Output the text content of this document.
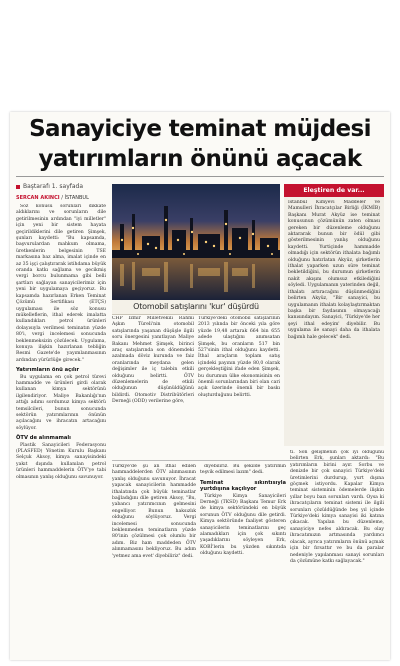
Sanayiciye teminat müjdesi
yatırımların önünü açacak
Baştarafı 1. sayfada
SERCAN AKINCI / İSTANBUL

Söz konusu sorunları dikkate aldıklarını ve sorunların dile getirilmesinin ardından "iyi milletler" için yeni bir sistem hayata geçirildiklerini dile getiren Şimşek, şunları kaydetti: "Bu kapsamda, başvurulardan mahkum olmama, üretkenlerin belgesinin TSE markasına baz alma, imalat içinde en az 35 işçi çalıştırarak istihdama büyük oranda katkı sağlama ve gecikmiş vergi borcu bulunmama gibi belli şartları sağlayan sanayicilerimiz için yeni bir uygulamaya geçiyoruz. Bu kapsamda hazırlanan Erken Teminat Çözümü Sertifikası (ETÇS) uygulaması ile söz konusu mükelleflerin, ithal ederek imalatta kullandıkları petrol ürünleri dolayısıyla verilmesi teminatın yüzde 80'i, vergi incelemesi sonucunda beklenmeksizin çözülecek. Uygulama, konuya ilişkin hazırlanan tebliğin Resmi Gazete'de yayımlanmasının ardından yürürlüğe girecek."

Yatırımların önü açılır

Bu uygulama en çok petrol türevi hammadde ve ürünleri girdi olarak kullanan kimya sektörünü ilgilendiriyor. Maliye Bakanlığı'nın attığı adımı sordumuz kimya sektörü temsilcileri, bunun sonucunda sektörün yatırımlarının önünün açılacağını ve ihracatın artacağını söylüyor.

ÖTV de alınmamalı

Plastik Sanayicileri Federasyonu (PLASFED) Yönetim Kurulu Başkanı Selçuk Aksoy, kimya sanayisindeki yakıt dışında kullanılan petrol ürünleri hammaddelerin ÖTV'ye tabi olmasının yanlış olduğunu savunuyor.

Otomobil satışlarını 'kur' düşürdü
CHP İzmir Milletvekili Rahmi Aşkın Türeli'nin otomobil satışlarında yaşanan düşüşle ilgili soru önergesini yanıtlayan Maliye Bakanı Mehmet Şimşek, birinci araç satışlarında son dönemdeki azalmada döviz kurunda ve faiz oranlarında meydana gelen değişimler ile iç talebin etkili olduğunu belirtti. ÖTV düzenlemelerin de etkili olduğunun düşünüldüğünü bildirdi. Otomotiv Distribütörleri Derneği (ODD) verilerine göre,
Türkiye'deki otomobil satışlarının 2013 yılında bir önceki yıla göre yüzde 19,48 artarak 664 bin 655 adede ulaştığını anımsatan Şimşek, bu oranların 517 bin 527'sinin ithal olduğunu kaydetti. İthal araçların toplam satış içindeki payının yüzde 80,0 olarak gerçekleştiğini ifade eden Şimşek, bu durumun ülke ekonomisinin en önemli sorunlarından biri olan cari açık üzerinde önemli bir baskı oluşturduğunu belirtti.
Eleştiren de var...
İstanbul Kimyevi Maddeler ve Mamulleri İhracatçılar Birliği (İKMİB) Başkanı Murat Akyüz ise teminat konusunun çözümünün zaten olması gereken bir düzenleme olduğunu aktararak bunun bir ödül gibi gösterilmesinin yanlış olduğunu kaydetti. Yurtiçinde hammadde olmadığı için sektörün ithalata bağımlı olduğunu hatırlatan Akyüz, şirketlerin ithalat yaparken uzun süre teminat bekletildiğini, bu durumun şirketlerin nakit akışını olumsuz etkilediğini söyledi. Uygulamanın yaterinden değil, ithalatı artıracağını düşünmediğini belirten Akyüz, "Bir sanayici, bu uygulamanın ithalatı kolaylaştırmaktan başka bir faydasının olmayacağı kanısındayım. Sanayici, 'Türkiye'de her şeyi ithal edeyim' diyebilir. Bu uygulama ile sanayi daha da ithalata bağımlı hale gelecek" dedi.
Türkiye'de şu an ithal edilen hammaddelerden ÖTV alınmasının yanlış olduğunu savunuyor. İhracat yapacak sanayicilerin hammadde ithalatında çok büyük teminatlar bağladığını dile getiren Aksoy, "Bu, yabancı yatırımcının gelmesini engelliyor. Bunun haksızlık olduğunu söylüyoruz. Vergi incelemesi sonucunda beklenmeden teminatların yüzde 80'inin çözülmesi çok olumlu bir adım. Biz ham maddeden ÖTV alınmamasını bekliyoruz. Bu adım 'yetmez ama evet' diyebiliriz" dedi.

diyebiliriz. Bu şekilde yatırımın teşvik edilmesi lazım" dedi.

Teminat sıkıntısıyla yurtdışına kaçılıyor

Türkiye Kimya Sanayicileri Derneği (TKSD) Başkanı Temur Erk de kimya sektöründeki en büyük sorunun ÖTV olduğunu dile getirdi. Kimya sektöründe faaliyet gösteren sanayicilerin teminatlarını geç alamadıkları için çok sıkıntı yaşadıklarını söyleyen Erk, KOBİ'lerin bu yüzden sıkıntıda olduğunu kaydetti.

ti. Son gelişmenin çok iyi olduğunu belirten Erk, şunları aktardı: "Bu yatırımların birini ayır. Sorbu ve denizde bir çok sanayici Türkiye'deki üretimlerini durdurup, yurt dışına göçmek istiyordu. Kapalar Kimya teminat sisteminin ödemelerde ilişkin yıllar boyu bazı sorunları vardı. Oysa ki ihracatçıların teminat sistemi ile ilgili sorunları çözüldüğünde beş yıl içinde Türkiye'deki kimya sanayisi iki katına çıkacak. Yapılan bu düzenleme, sanayiciye nefes aldıracak. Bu olay ihracatımızın artmasında yardımcı olacak, ayrıca yatırımların önünü açmak için bir fırsattır ve bu da paralar nedeniyle yapılanması sanayi sorunları da çözümüne katkı sağlayacak."
